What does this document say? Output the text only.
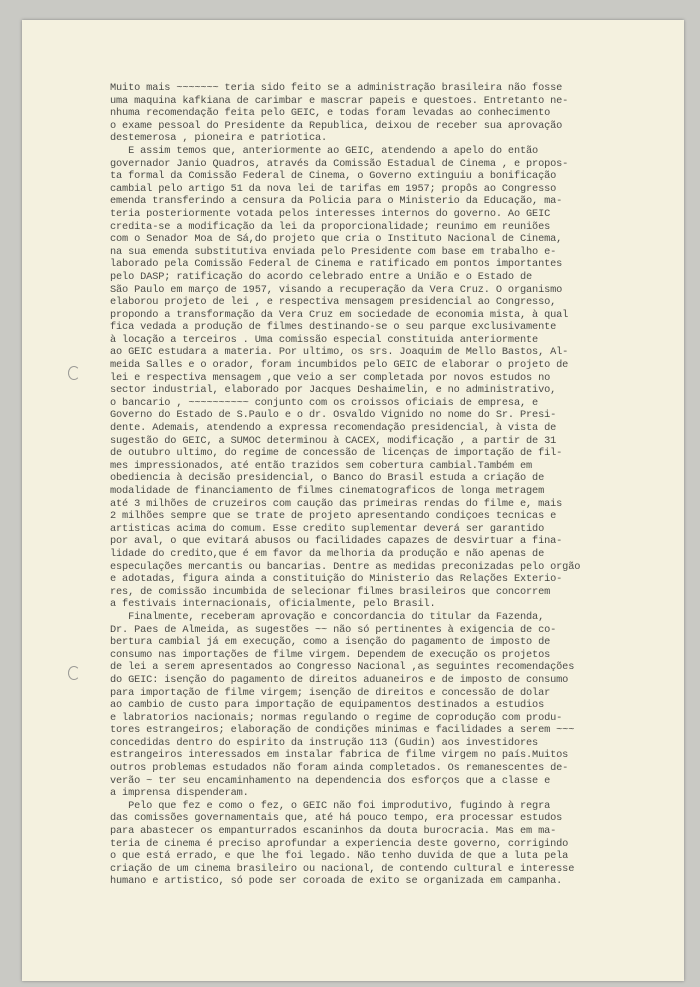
Muito mais ~~~~~~~ teria sido feito se a administração brasileira não fosse
uma maquina kafkiana de carimbar e mascrar papeis e questoes. Entretanto ne-
nhuma recomendação feita pelo GEIC, e todas foram levadas ao conhecimento
o exame pessoal do Presidente da Republica, deixou de receber sua aprovação
destemerosa , pioneira e patriotica.

E assim temos que, anteriormente ao GEIC, atendendo a apelo do então
governador Janio Quadros, através da Comissão Estadual de Cinema , e propos-
ta formal da Comissão Federal de Cinema, o Governo extinguiu a bonificação
cambial pelo artigo 51 da nova lei de tarifas em 1957; propôs ao Congresso
emenda transferindo a censura da Policia para o Ministerio da Educação, ma-
teria posteriormente votada pelos interesses internos do governo. Ao GEIC
credita-se a modificação da lei da proporcionalidade; reunimo em reuniões
com o Senador Moa de Sá,do projeto que cria o Instituto Nacional de Cinema,
na sua emenda substitutiva enviada pelo Presidente com base em trabalho e-
laborado pela Comissão Federal de Cinema e ratificado em pontos importantes
pelo DASP; ratificação do acordo celebrado entre a União e o Estado de
São Paulo em março de 1957, visando a recuperação da Vera Cruz. O organismo
elaborou projeto de lei , e respectiva mensagem presidencial ao Congresso,
propondo a transformação da Vera Cruz em sociedade de economia mista, à qual
fica vedada a produção de filmes destinando-se o seu parque exclusivamente
à locação a terceiros . Uma comissão especial constituida anteriormente
ao GEIC estudara a materia. Por ultimo, os srs. Joaquim de Mello Bastos, Al-
meida Salles e o orador, foram incumbidos pelo GEIC de elaborar o projeto de
lei e respectiva mensagem ,que veio a ser completada por novos estudos no
sector industrial, elaborado por Jacques Deshaimelin, e no administrativo,
o bancario , ~~~~~~~~~~ conjunto com os croissos oficiais de empresa, e
Governo do Estado de S.Paulo e o dr. Osvaldo Vignido no nome do Sr. Presi-
dente. Ademais, atendendo a expressa recomendação presidencial, à vista de
sugestão do GEIC, a SUMOC determinou à CACEX, modificação , a partir de 31
de outubro ultimo, do regime de concessão de licenças de importação de fil-
mes impressionados, até então trazidos sem cobertura cambial.Também em
obediencia à decisão presidencial, o Banco do Brasil estuda a criação de
modalidade de financiamento de filmes cinematograficos de longa metragem
até 3 milhões de cruzeiros com caução das primeiras rendas do filme e, mais
2 milhões sempre que se trate de projeto apresentando condiçoes tecnicas e
artisticas acima do comum. Esse credito suplementar deverá ser garantido
por aval, o que evitará abusos ou facilidades capazes de desvirtuar a fina-
lidade do credito,que é em favor da melhoria da produção e não apenas de
especulações mercantis ou bancarias. Dentre as medidas preconizadas pelo orgão
e adotadas, figura ainda a constituição do Ministerio das Relações Exterio-
res, de comissão incumbida de selecionar filmes brasileiros que concorrem
a festivais internacionais, oficialmente, pelo Brasil.

Finalmente, receberam aprovação e concordancia do titular da Fazenda,
Dr. Paes de Almeida, as sugestões ~~ não só pertinentes à exigencia de co-
bertura cambial já em execução, como a isenção do pagamento de imposto de
consumo nas importações de filme virgem. Dependem de execução os projetos
de lei a serem apresentados ao Congresso Nacional ,as seguintes recomendações
do GEIC: isenção do pagamento de direitos aduaneiros e de imposto de consumo
para importação de filme virgem; isenção de direitos e concessão de dolar
ao cambio de custo para importação de equipamentos destinados a estudios
e labratorios nacionais; normas regulando o regime de coprodução com produ-
tores estrangeiros; elaboração de condições minimas e facilidades a serem ~~~
concedidas dentro do espirito da instrução 113 (Gudin) aos investidores
estrangeiros interessados em instalar fabrica de filme virgem no país.Muitos
outros problemas estudados não foram ainda completados. Os remanescentes de-
verão ~ ter seu encaminhamento na dependencia dos esforços que a classe e
a imprensa dispenderam.

Pelo que fez e como o fez, o GEIC não foi improdutivo, fugindo à regra
das comissões governamentais que, até há pouco tempo, era processar estudos
para abastecer os empanturrados escaninhos da douta burocracia. Mas em ma-
teria de cinema é preciso aprofundar a experiencia deste governo, corrigindo
o que está errado, e que lhe foi legado. Não tenho duvida de que a luta pela
criação de um cinema brasileiro ou nacional, de contendo cultural e interesse
humano e artistico, só pode ser coroada de exito se organizada em campanha.
